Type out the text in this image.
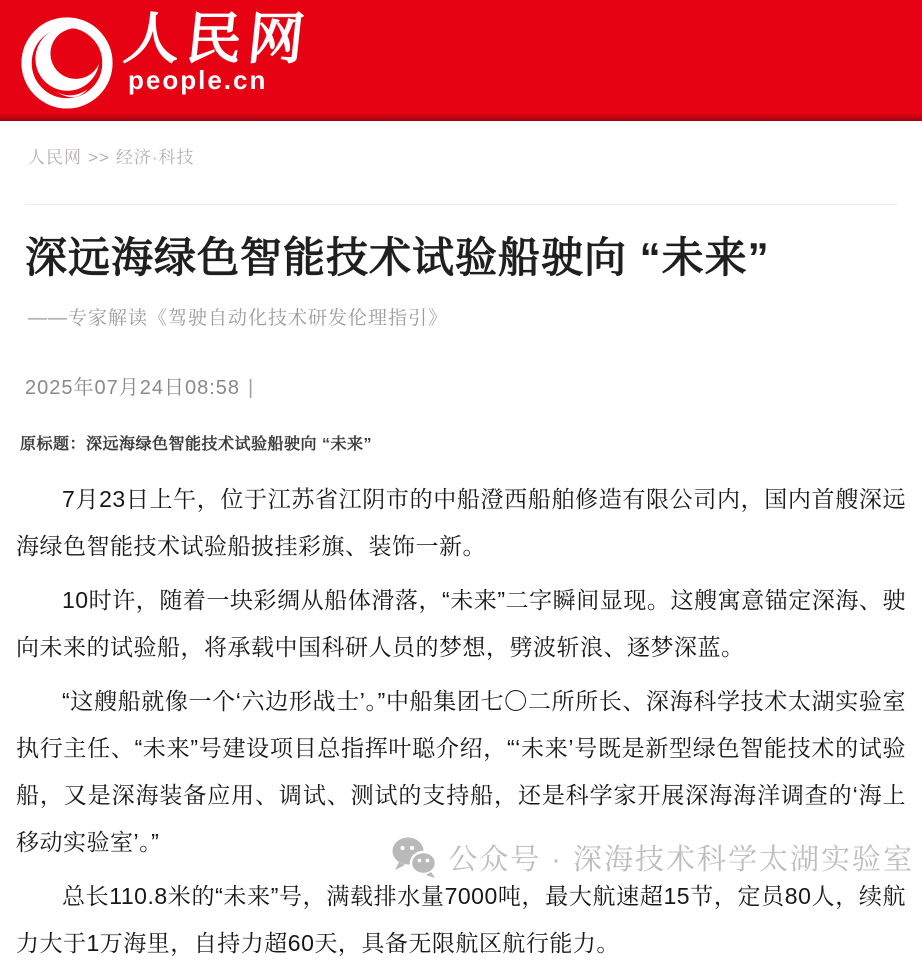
人民网
people.cn
人民网 >> 经济·科技
深远海绿色智能技术试验船驶向 “未来”
——专家解读《驾驶自动化技术研发伦理指引》
2025年07月24日08:58 |
原标题：深远海绿色智能技术试验船驶向 “未来”

7月23日上午，位于江苏省江阴市的中船澄西船舶修造有限公司内，国内首艘深远海绿色智能技术试验船披挂彩旗、装饰一新。

10时许，随着一块彩绸从船体滑落，“未来”二字瞬间显现。这艘寓意锚定深海、驶向未来的试验船，将承载中国科研人员的梦想，劈波斩浪、逐梦深蓝。

“这艘船就像一个‘六边形战士’。”中船集团七〇二所所长、深海科学技术太湖实验室执行主任、“未来”号建设项目总指挥叶聪介绍，“‘未来’号既是新型绿色智能技术的试验船，又是深海装备应用、调试、测试的支持船，还是科学家开展深海海洋调查的‘海上移动实验室’。”

总长110.8米的“未来”号，满载排水量7000吨，最大航速超15节，定员80人，续航力大于1万海里，自持力超60天，具备无限航区航行能力。

公众号 · 深海技术科学太湖实验室
